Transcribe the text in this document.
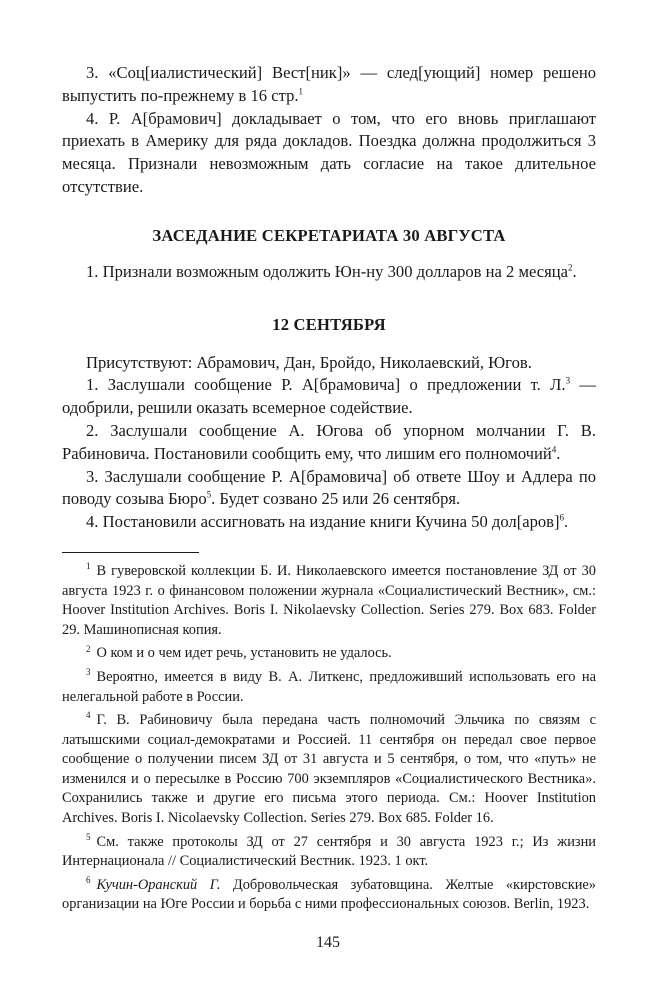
3. «Соц[иалистический] Вест[ник]» — след[ующий] номер решено выпустить по-прежнему в 16 стр.$^1$

4. Р. А[брамович] докладывает о том, что его вновь приглашают приехать в Америку для ряда докладов. Поездка должна продолжиться 3 месяца. Признали невозможным дать согласие на такое длительное отсутствие.

ЗАСЕДАНИЕ СЕКРЕТАРИАТА 30 АВГУСТА

1. Признали возможным одолжить Юн-ну 300 долларов на 2 месяца$^2$.

12 СЕНТЯБРЯ

Присутствуют: Абрамович, Дан, Бройдо, Николаевский, Югов.

1. Заслушали сообщение Р. А[брамовича] о предложении т. Л.$^3$ — одобрили, решили оказать всемерное содействие.

2. Заслушали сообщение А. Югова об упорном молчании Г. В. Рабиновича. Постановили сообщить ему, что лишим его полномочий$^4$.

3. Заслушали сообщение Р. А[брамовича] об ответе Шоу и Адлера по поводу созыва Бюро$^5$. Будет созвано 25 или 26 сентября.

4. Постановили ассигновать на издание книги Кучина 50 дол[аров]$^6$.

$^1$ В гуверовской коллекции Б. И. Николаевского имеется постановление ЗД от 30 августа 1923 г. о финансовом положении журнала «Социалистический Вестник», см.: Hoover Institution Archives. Boris I. Nikolaevsky Collection. Series 279. Box 683. Folder 29. Машинописная копия.

$^2$ О ком и о чем идет речь, установить не удалось.

$^3$ Вероятно, имеется в виду В. А. Литкенс, предложивший использовать его на нелегальной работе в России.

$^4$ Г. В. Рабиновичу была передана часть полномочий Эльчика по связям с латышскими социал-демократами и Россией. 11 сентября он передал свое первое сообщение о получении писем ЗД от 31 августа и 5 сентября, о том, что «путь» не изменился и о пересылке в Россию 700 экземпляров «Социалистического Вестника». Сохранились также и другие его письма этого периода. См.: Hoover Institution Archives. Boris I. Nicolaevsky Collection. Series 279. Box 685. Folder 16.

$^5$ См. также протоколы ЗД от 27 сентября и 30 августа 1923 г.; Из жизни Интернационала // Социалистический Вестник. 1923. 1 окт.

$^6$ Кучин-Оранский Г. Добровольческая зубатовщина. Желтые «кирстовские» организации на Юге России и борьба с ними профессиональных союзов. Berlin, 1923.

145
